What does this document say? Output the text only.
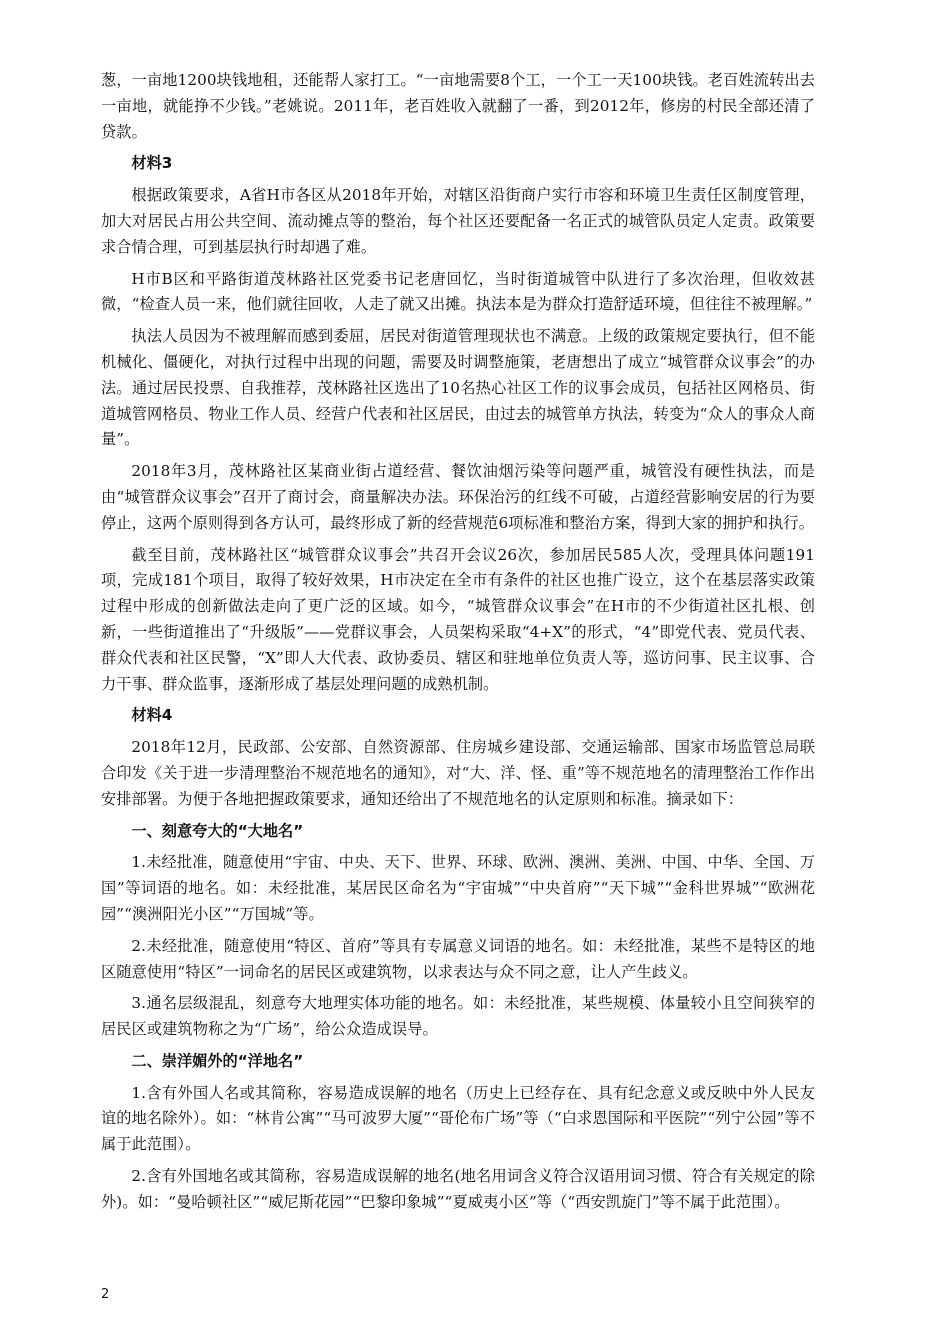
葱，一亩地1200块钱地租，还能帮人家打工。“一亩地需要8个工，一个工一天100块钱。老百姓流转出去一亩地，就能挣不少钱。”老姚说。2011年，老百姓收入就翻了一番，到2012年，修房的村民全部还清了贷款。

材料3

根据政策要求，A省H市各区从2018年开始，对辖区沿街商户实行市容和环境卫生责任区制度管理，加大对居民占用公共空间、流动摊点等的整治，每个社区还要配备一名正式的城管队员定人定责。政策要求合情合理，可到基层执行时却遇了难。

H市B区和平路街道茂林路社区党委书记老唐回忆，当时街道城管中队进行了多次治理，但收效甚微，“检查人员一来，他们就往回收，人走了就又出摊。执法本是为群众打造舒适环境，但往往不被理解。”

执法人员因为不被理解而感到委屈，居民对街道管理现状也不满意。上级的政策规定要执行，但不能机械化、僵硬化，对执行过程中出现的问题，需要及时调整施策，老唐想出了成立“城管群众议事会”的办法。通过居民投票、自我推荐，茂林路社区选出了10名热心社区工作的议事会成员，包括社区网格员、街道城管网格员、物业工作人员、经营户代表和社区居民，由过去的城管单方执法，转变为“众人的事众人商量”。

2018年3月，茂林路社区某商业街占道经营、餐饮油烟污染等问题严重，城管没有硬性执法，而是由“城管群众议事会”召开了商讨会，商量解决办法。环保治污的红线不可破，占道经营影响安居的行为要停止，这两个原则得到各方认可，最终形成了新的经营规范6项标准和整治方案，得到大家的拥护和执行。

截至目前，茂林路社区“城管群众议事会”共召开会议26次，参加居民585人次，受理具体问题191项，完成181个项目，取得了较好效果，H市决定在全市有条件的社区也推广设立，这个在基层落实政策过程中形成的创新做法走向了更广泛的区域。如今，“城管群众议事会”在H市的不少街道社区扎根、创新，一些街道推出了“升级版”——党群议事会，人员架构采取“4+X”的形式，“4”即党代表、党员代表、群众代表和社区民警，“X”即人大代表、政协委员、辖区和驻地单位负责人等，巡访问事、民主议事、合力干事、群众监事，逐渐形成了基层处理问题的成熟机制。

材料4

2018年12月，民政部、公安部、自然资源部、住房城乡建设部、交通运输部、国家市场监管总局联合印发《关于进一步清理整治不规范地名的通知》，对“大、洋、怪、重”等不规范地名的清理整治工作作出安排部署。为便于各地把握政策要求，通知还给出了不规范地名的认定原则和标准。摘录如下：

一、刻意夸大的“大地名”

1.未经批准，随意使用“宇宙、中央、天下、世界、环球、欧洲、澳洲、美洲、中国、中华、全国、万国”等词语的地名。如：未经批准，某居民区命名为“宇宙城”“中央首府”“天下城”“金科世界城”“欧洲花园”“澳洲阳光小区”“万国城”等。

2.未经批准，随意使用“特区、首府”等具有专属意义词语的地名。如：未经批准，某些不是特区的地区随意使用“特区”一词命名的居民区或建筑物，以求表达与众不同之意，让人产生歧义。

3.通名层级混乱，刻意夸大地理实体功能的地名。如：未经批准，某些规模、体量较小且空间狭窄的居民区或建筑物称之为“广场”，给公众造成误导。

二、崇洋媚外的“洋地名”

1.含有外国人名或其简称，容易造成误解的地名（历史上已经存在、具有纪念意义或反映中外人民友谊的地名除外）。如：“林肯公寓”“马可波罗大厦”“哥伦布广场”等（“白求恩国际和平医院”“列宁公园”等不属于此范围）。

2.含有外国地名或其简称，容易造成误解的地名(地名用词含义符合汉语用词习惯、符合有关规定的除外)。如：“曼哈顿社区”“威尼斯花园”“巴黎印象城”“夏威夷小区”等（“西安凯旋门”等不属于此范围）。

2
